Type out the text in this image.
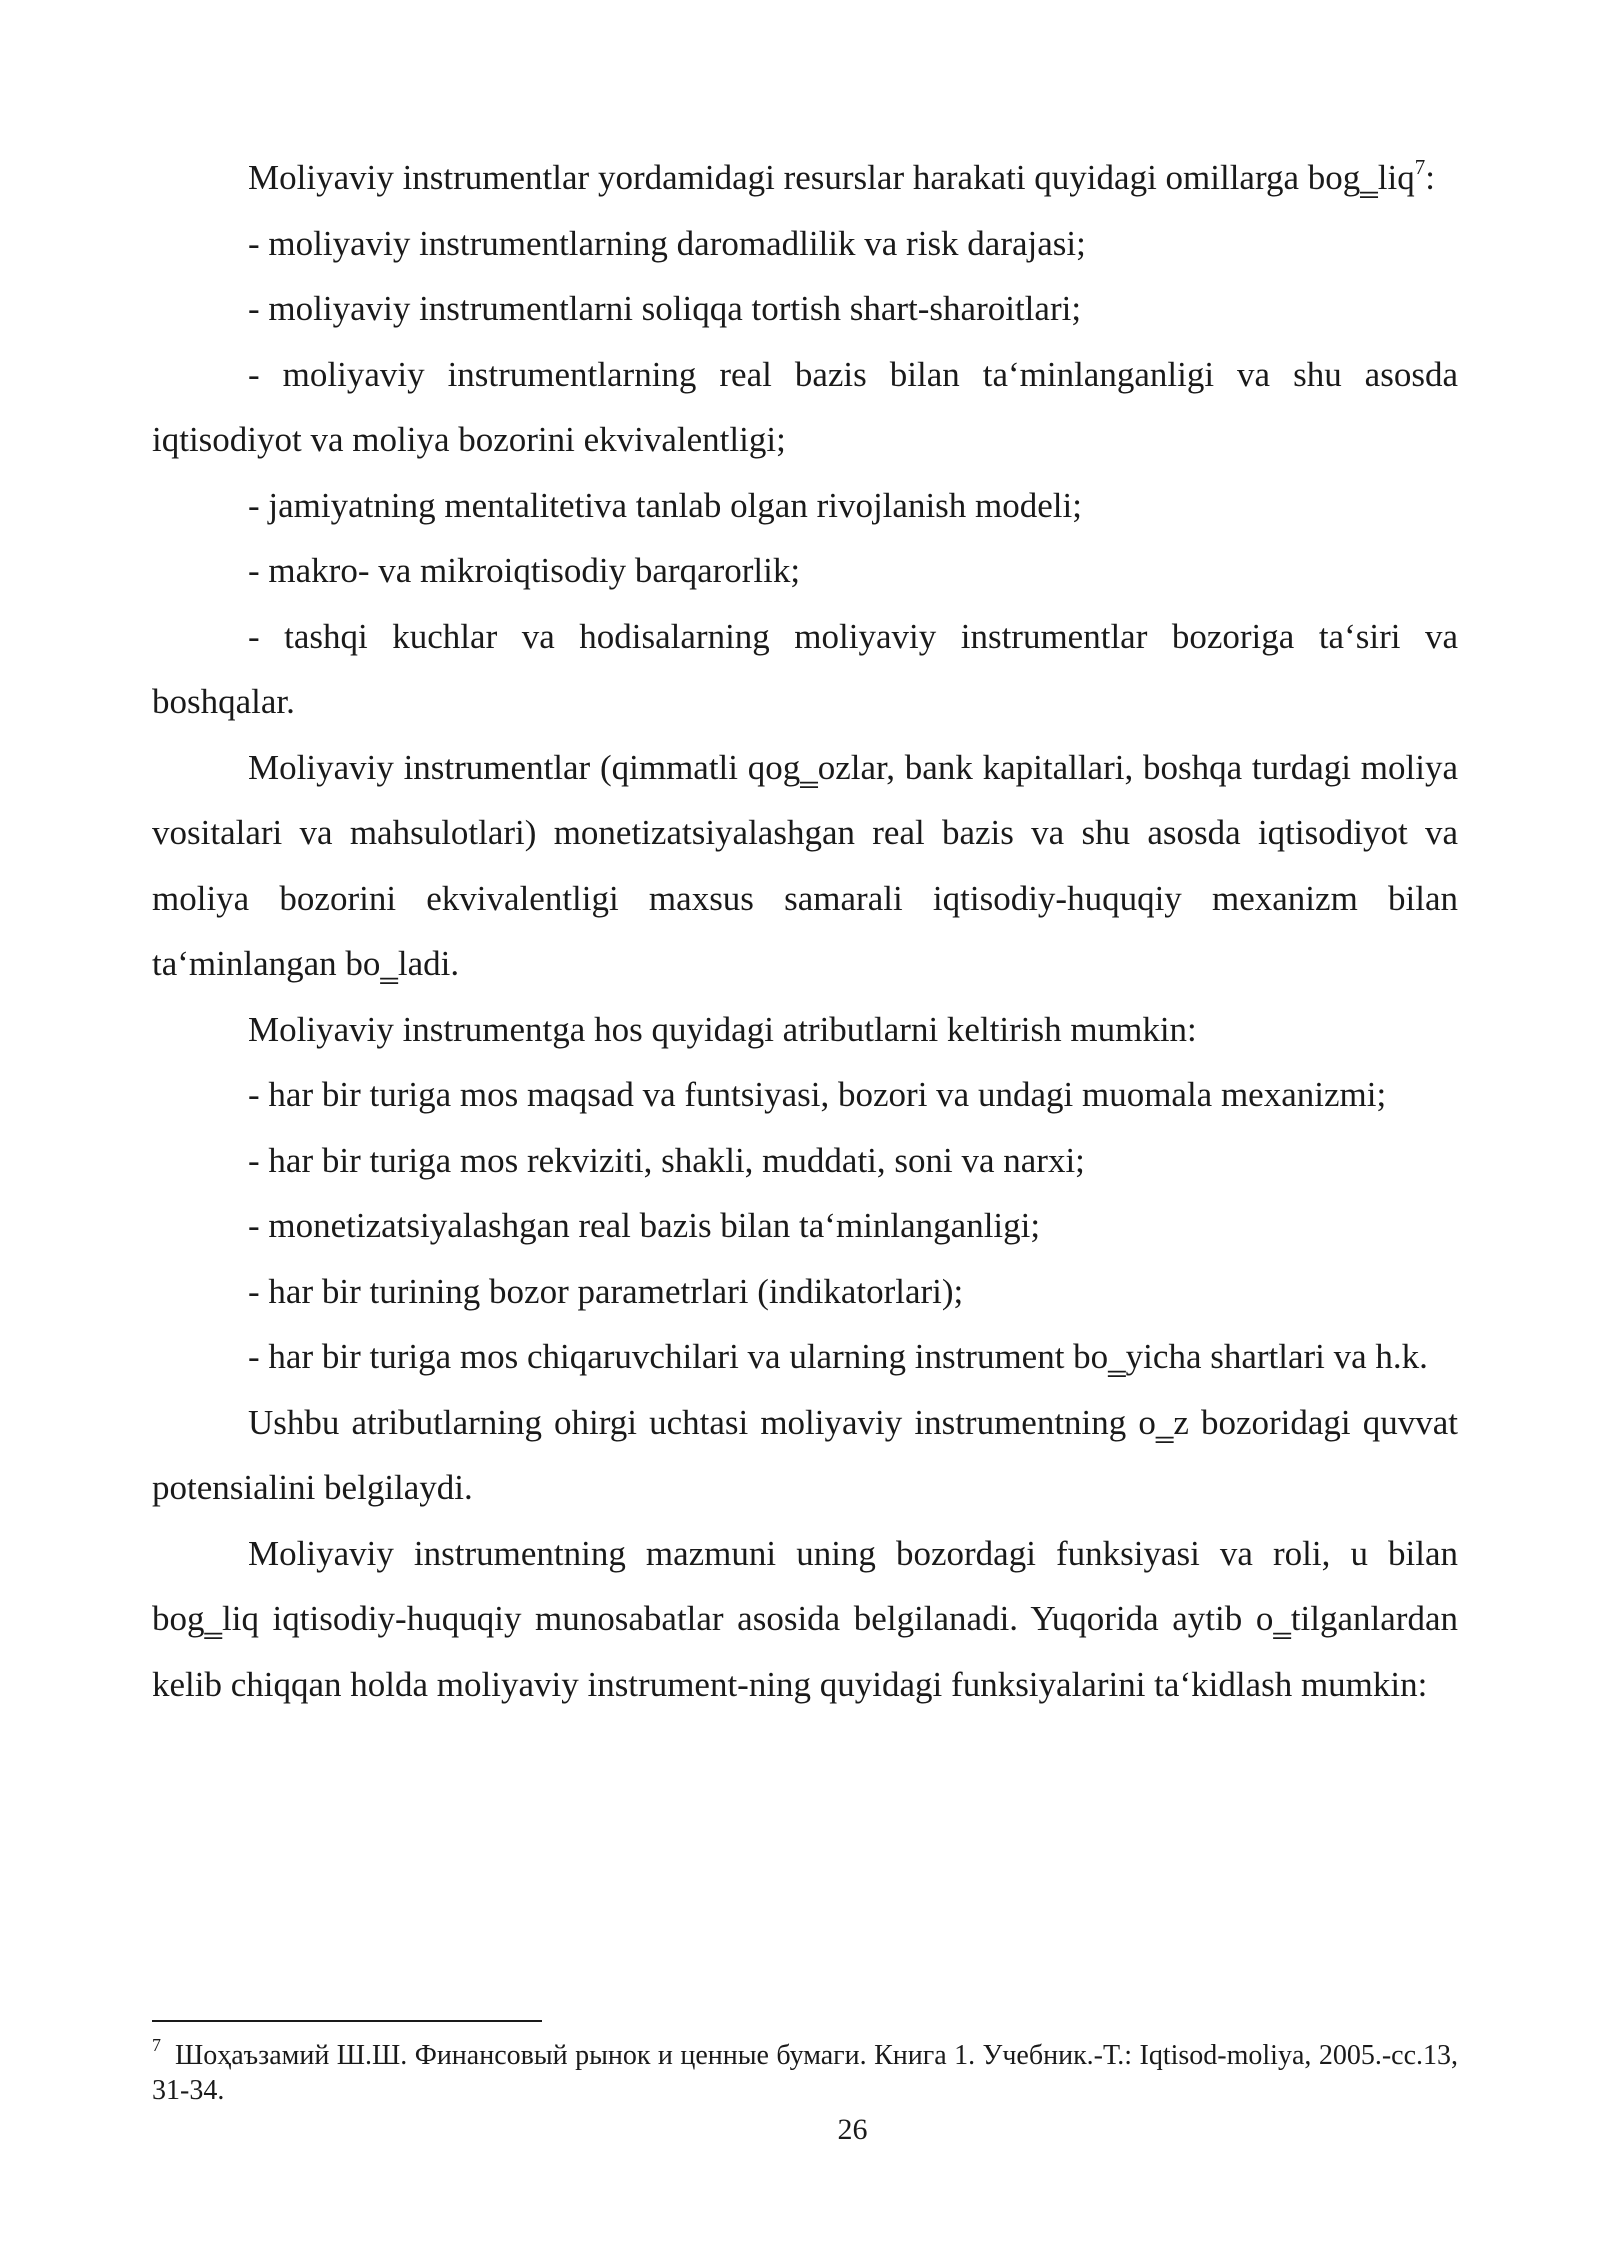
Moliyaviy instrumentlar yordamidagi resurslar harakati quyidagi omillarga bog‗liq$^7$:

- moliyaviy instrumentlarning daromadlilik va risk darajasi;

- moliyaviy instrumentlarni soliqqa tortish shart-sharoitlari;

- moliyaviy instrumentlarning real bazis bilan ta‘minlanganligi va shu asosda iqtisodiyot va moliya bozorini ekvivalentligi;

- jamiyatning mentalitetiva tanlab olgan rivojlanish modeli;

- makro- va mikroiqtisodiy barqarorlik;

- tashqi kuchlar va hodisalarning moliyaviy instrumentlar bozoriga ta‘siri va boshqalar.

Moliyaviy instrumentlar (qimmatli qog‗ozlar, bank kapitallari, boshqa turdagi moliya vositalari va mahsulotlari) monetizatsiyalashgan real bazis va shu asosda iqtisodiyot va moliya bozorini ekvivalentligi maxsus samarali iqtisodiy-huquqiy mexanizm bilan ta‘minlangan bo‗ladi.

Moliyaviy instrumentga hos quyidagi atributlarni keltirish mumkin:

- har bir turiga mos maqsad va funtsiyasi, bozori va undagi muomala mexanizmi;

- har bir turiga mos rekviziti, shakli, muddati, soni va narxi;

- monetizatsiyalashgan real bazis bilan ta‘minlanganligi;

- har bir turining bozor parametrlari (indikatorlari);

- har bir turiga mos chiqaruvchilari va ularning instrument bo‗yicha shartlari va h.k.

Ushbu atributlarning ohirgi uchtasi moliyaviy instrumentning o‗z bozoridagi quvvat potensialini belgilaydi.

Moliyaviy instrumentning mazmuni uning bozordagi funksiyasi va roli, u bilan bog‗liq iqtisodiy-huquqiy munosabatlar asosida belgilanadi. Yuqorida aytib o‗tilganlardan kelib chiqqan holda moliyaviy instrument-ning quyidagi funksiyalarini ta‘kidlash mumkin:

$^7$ Шоҳаъзамий Ш.Ш. Финансовый рынок и ценные бумаги. Книга 1. Учебник.-Т.: Iqtisod-moliya, 2005.-сс.13, 31-34.
26
